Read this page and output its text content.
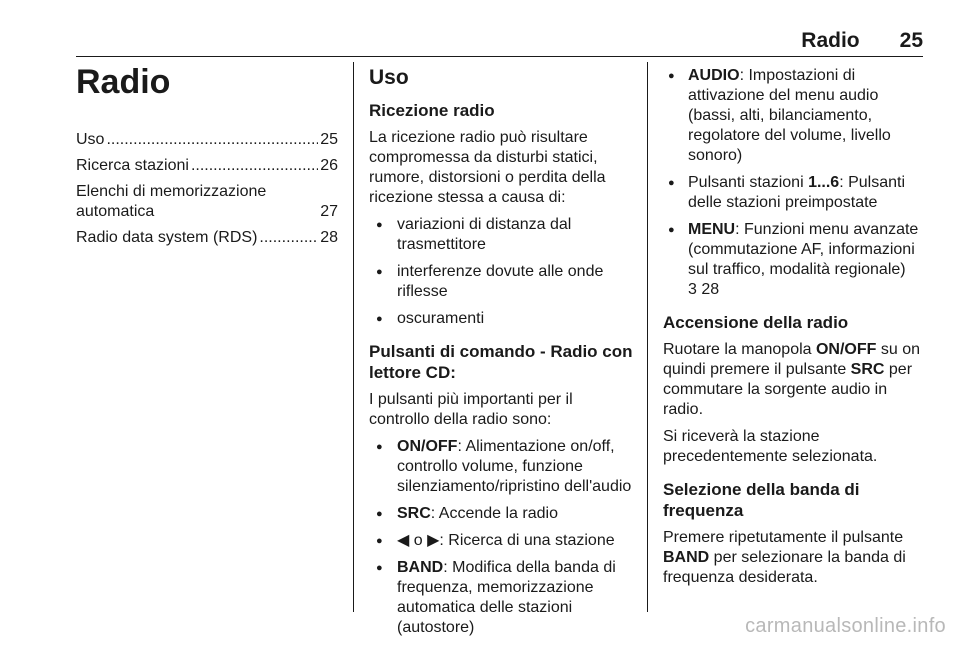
Radio 25
Radio
Uso .....	25
Ricerca stazioni .....	26
Elenchi di memorizzazione automatica .....	27
Radio data system (RDS) .....	28
Uso
Ricezione radio

La ricezione radio può risultare compromessa da disturbi statici, rumore, distorsioni o perdita della ricezione stessa a causa di:

● variazioni di distanza dal trasmettitore
● interferenze dovute alle onde riflesse
● oscuramenti
Pulsanti di comando - Radio con lettore CD:

I pulsanti più importanti per il controllo della radio sono:

● ON/OFF: Alimentazione on/off, controllo volume, funzione silenziamento/ripristino dell'audio
● SRC: Accende la radio
● ◀ o ▶: Ricerca di una stazione
● BAND: Modifica della banda di frequenza, memorizzazione automatica delle stazioni (autostore)
● AUDIO: Impostazioni di attivazione del menu audio (bassi, alti, bilanciamento, regolatore del volume, livello sonoro)
● Pulsanti stazioni 1...6: Pulsanti delle stazioni preimpostate
● MENU: Funzioni menu avanzate (commutazione AF, informazioni sul traffico, modalità regionale)
3 28
Accensione della radio

Ruotare la manopola ON/OFF su on quindi premere il pulsante SRC per commutare la sorgente audio in radio.

Si riceverà la stazione precedentemente selezionata.

Selezione della banda di frequenza

Premere ripetutamente il pulsante BAND per selezionare la banda di frequenza desiderata.

carmanualsonline.info
